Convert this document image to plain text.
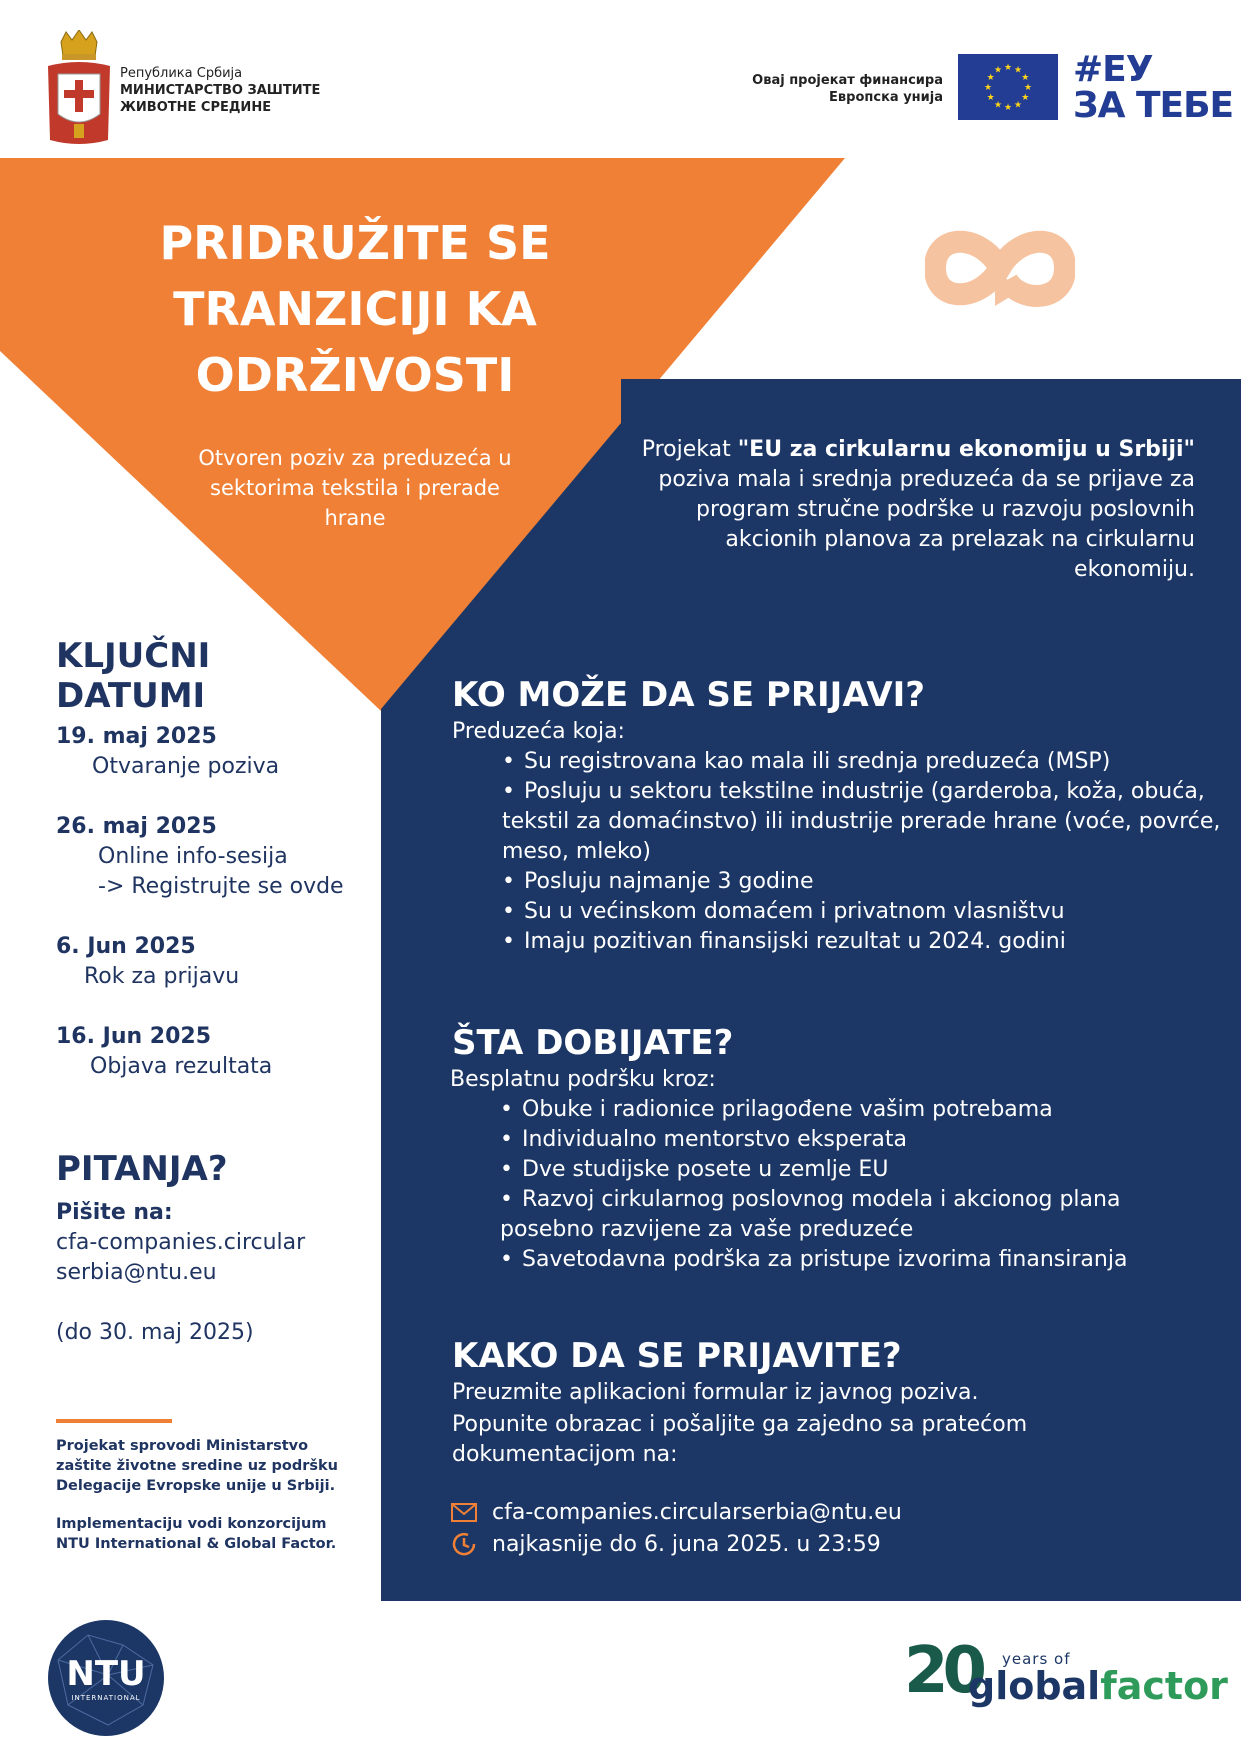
Република Србија
МИНИСТАРСТВО ЗАШТИТЕ
ЖИВОТНЕ СРЕДИНЕ
Овај пројекат финансира
Европска унија
★
★
★
★
★
★
★
★
★ ★ ★
★ #ЕУ
ЗА ТЕБЕ
PRIDRUŽITE SE
TRANZICIJI KA
ODRŽIVOSTI
Otvoren poziv za preduzeća u sektorima tekstila i prerade hrane
Projekat "EU za cirkularnu ekonomiju u Srbiji" poziva mala i srednja preduzeća da se prijave za program stručne podrške u razvoju poslovnih akcionih planova za prelazak na cirkularnu ekonomiju.
KLJUČNI
DATUMI
19. maj 2025
Otvaranje poziva
26. maj 2025
Online info-sesija
-> Registrujte se ovde
6. Jun 2025
Rok za prijavu
16. Jun 2025
Objava rezultata
PITANJA?
Pišite na:
cfa-companies.circular
serbia@ntu.eu
(do 30. maj 2025)

Projekat sprovodi Ministarstvo zaštite životne sredine uz podršku Delegacije Evropske unije u Srbiji.

Implementaciju vodi konzorcijum NTU International & Global Factor.

KO MOŽE DA SE PRIJAVI?
Preduzeća koja:
• Su registrovana kao mala ili srednja preduzeća (MSP)
• Posluju u sektoru tekstilne industrije (garderoba, koža, obuća, tekstil za domaćinstvo) ili industrije prerade hrane (voće, povrće, meso, mleko)
• Posluju najmanje 3 godine
• Su u većinskom domaćem i privatnom vlasništvu
• Imaju pozitivan finansijski rezultat u 2024. godini
ŠTA DOBIJATE?
Besplatnu podršku kroz:
• Obuke i radionice prilagođene vašim potrebama
• Individualno mentorstvo eksperata
• Dve studijske posete u zemlje EU
• Razvoj cirkularnog poslovnog modela i akcionog plana posebno razvijene za vaše preduzeće
• Savetodavna podrška za pristupe izvorima finansiranja
KAKO DA SE PRIJAVITE?
Preuzmite aplikacioni formular iz javnog poziva.
Popunite obrazac i pošaljite ga zajedno sa pratećom dokumentacijom na:
cfa-companies.circularserbia@ntu.eu
najkasnije do 6. juna 2025. u 23:59
NTU
INTERNATIONAL	20 years of
globalfactor
